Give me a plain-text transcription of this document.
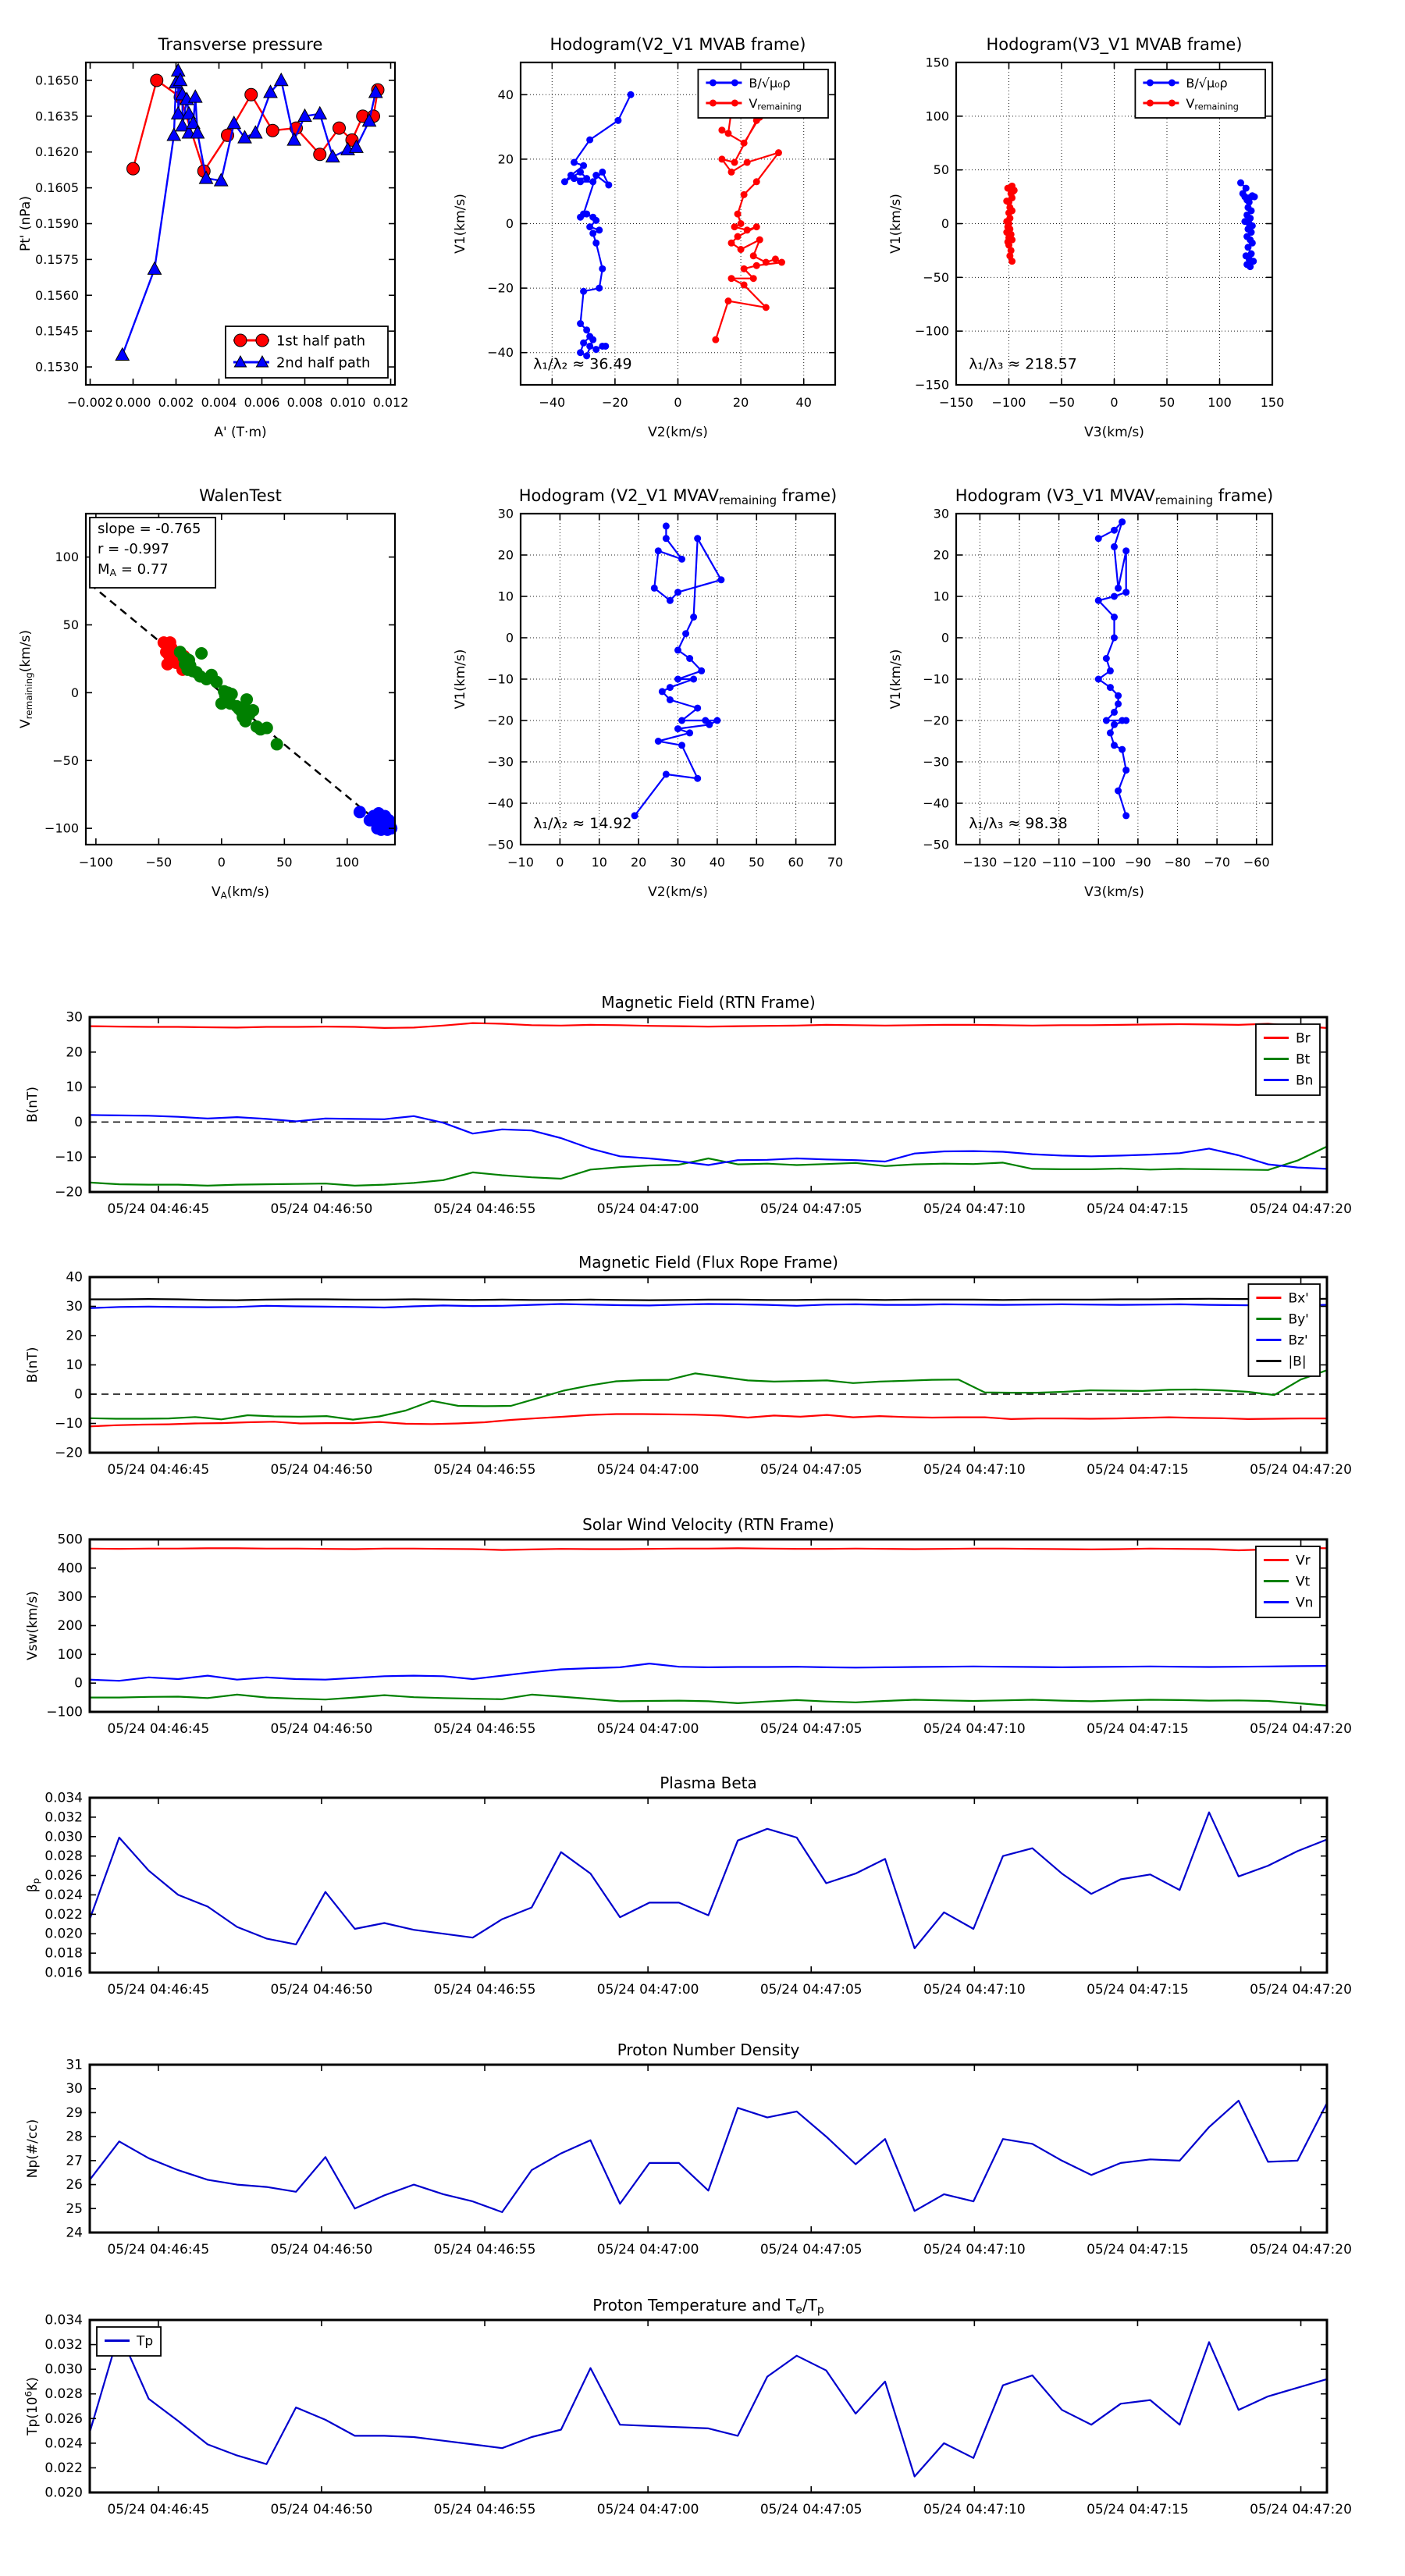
−0.002 0.000 0.002 0.004 0.006 0.008 0.010 0.012
0.1530
0.1545
0.1560
0.1575
0.1590
0.1605
0.1620
0.1635
0.1650
Transverse pressure
A' (T·m)
Pt' (nPa)
1st half path
2nd half path
−40	−20	0	20	40
−40
−20
0
20
40
Hodogram(V2_V1 MVAB frame)
V2(km/s)
V1(km/s)
λ₁/λ₂ ≈ 36.49
B/√μ₀ρ
Vremaining
−150 −100 −50	0	50	100 150
−150
−100
−50
0
50
100
150
Hodogram(V3_V1 MVAB frame)
V3(km/s)
V1(km/s)
λ₁/λ₃ ≈ 218.57
B/√μ₀ρ
Vremaining
−100	−50	0	50	100
−100
−50
0
50
100
WalenTest
VA(km/s)
Vremaining(km/s)
slope = -0.765
r = -0.997
MA = 0.77
−10 0 10 20 30 40 50 60 70
−50
−40
−30
−20
−10
0
10
20
30
Hodogram (V2_V1 MVAVremaining frame)
V2(km/s)
V1(km/s)
λ₁/λ₂ ≈ 14.92
−130 −120 −110 −100 −90 −80 −70 −60
−50
−40
−30
−20
−10
0
10
20
30
Hodogram (V3_V1 MVAVremaining frame)
V3(km/s)
V1(km/s)
λ₁/λ₃ ≈ 98.38
05/24 04:46:45	05/24 04:46:50	05/24 04:46:55	05/24 04:47:00	05/24 04:47:05	05/24 04:47:10	05/24 04:47:15	05/24 04:47:20
−20
−10
0
10
20
30
Magnetic Field (RTN Frame)
B(nT)
Br
Bt
Bn
05/24 04:46:45	05/24 04:46:50	05/24 04:46:55	05/24 04:47:00	05/24 04:47:05	05/24 04:47:10	05/24 04:47:15	05/24 04:47:20
−20
−10
0
10
20
30
40
Magnetic Field (Flux Rope Frame)
B(nT)
Bx'
By'
Bz'
|B|
05/24 04:46:45	05/24 04:46:50	05/24 04:46:55	05/24 04:47:00	05/24 04:47:05	05/24 04:47:10	05/24 04:47:15	05/24 04:47:20
−100
0
100
200
300
400
500
Solar Wind Velocity (RTN Frame)
Vsw(km/s)
Vr
Vt
Vn
05/24 04:46:45	05/24 04:46:50	05/24 04:46:55	05/24 04:47:00	05/24 04:47:05	05/24 04:47:10	05/24 04:47:15	05/24 04:47:20
0.016
0.018
0.020
0.022
0.024
0.026
0.028
0.030
0.032
0.034
Plasma Beta
βp
05/24 04:46:45	05/24 04:46:50	05/24 04:46:55	05/24 04:47:00	05/24 04:47:05	05/24 04:47:10	05/24 04:47:15	05/24 04:47:20
24
25
26
27
28
29
30
31
Proton Number Density
Np(#/cc)
05/24 04:46:45	05/24 04:46:50	05/24 04:46:55	05/24 04:47:00	05/24 04:47:05	05/24 04:47:10	05/24 04:47:15	05/24 04:47:20
0.020
0.022
0.024
0.026
0.028
0.030
0.032
0.034
Proton Temperature and Te/Tp
$Tp(10^6K)$
Tp
